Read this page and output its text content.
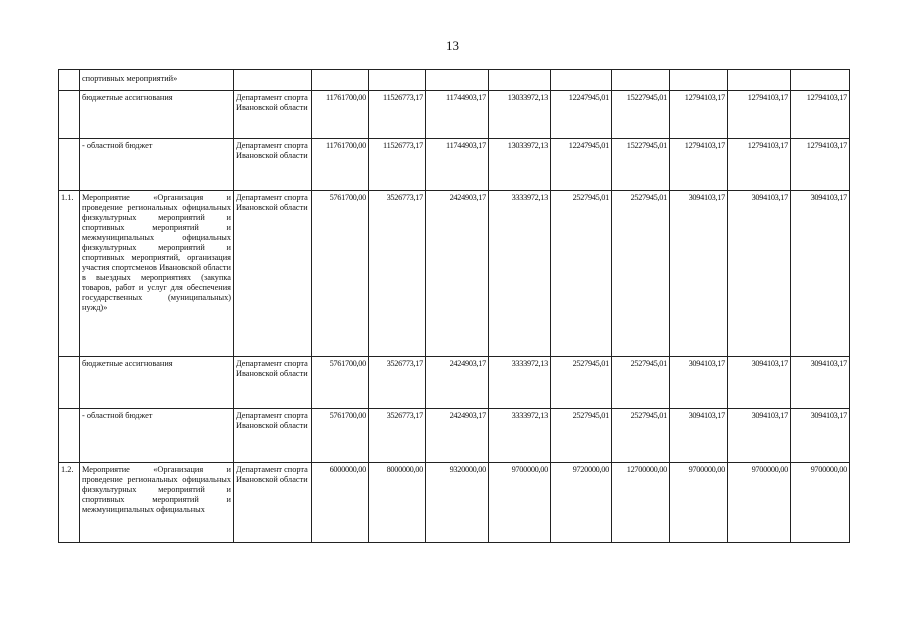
13
	спортивных мероприятий»										
	бюджетные ассигнования	Департамент спорта Ивановской области	11761700,00	11526773,17	11744903,17	13033972,13	12247945,01	15227945,01	12794103,17	12794103,17	12794103,17
	- областной бюджет	Департамент спорта Ивановской области	11761700,00	11526773,17	11744903,17	13033972,13	12247945,01	15227945,01	12794103,17	12794103,17	12794103,17
1.1.	Мероприятие «Организация и проведение региональных официальных физкультурных мероприятий и спортивных мероприятий и межмуниципальных официальных физкультурных мероприятий и спортивных мероприятий, организация участия спортсменов Ивановской области в выездных мероприятиях (закупка товаров, работ и услуг для обеспечения государственных (муниципальных) нужд)»	Департамент спорта Ивановской области	5761700,00	3526773,17	2424903,17	3333972,13	2527945,01	2527945,01	3094103,17	3094103,17	3094103,17
	бюджетные ассигнования	Департамент спорта Ивановской области	5761700,00	3526773,17	2424903,17	3333972,13	2527945,01	2527945,01	3094103,17	3094103,17	3094103,17
	- областной бюджет	Департамент спорта Ивановской области	5761700,00	3526773,17	2424903,17	3333972,13	2527945,01	2527945,01	3094103,17	3094103,17	3094103,17
1.2.	Мероприятие «Организация и проведение региональных официальных физкультурных мероприятий и спортивных мероприятий и межмуниципальных официальных	Департамент спорта Ивановской области	6000000,00	8000000,00	9320000,00	9700000,00	9720000,00	12700000,00	9700000,00	9700000,00	9700000,00
